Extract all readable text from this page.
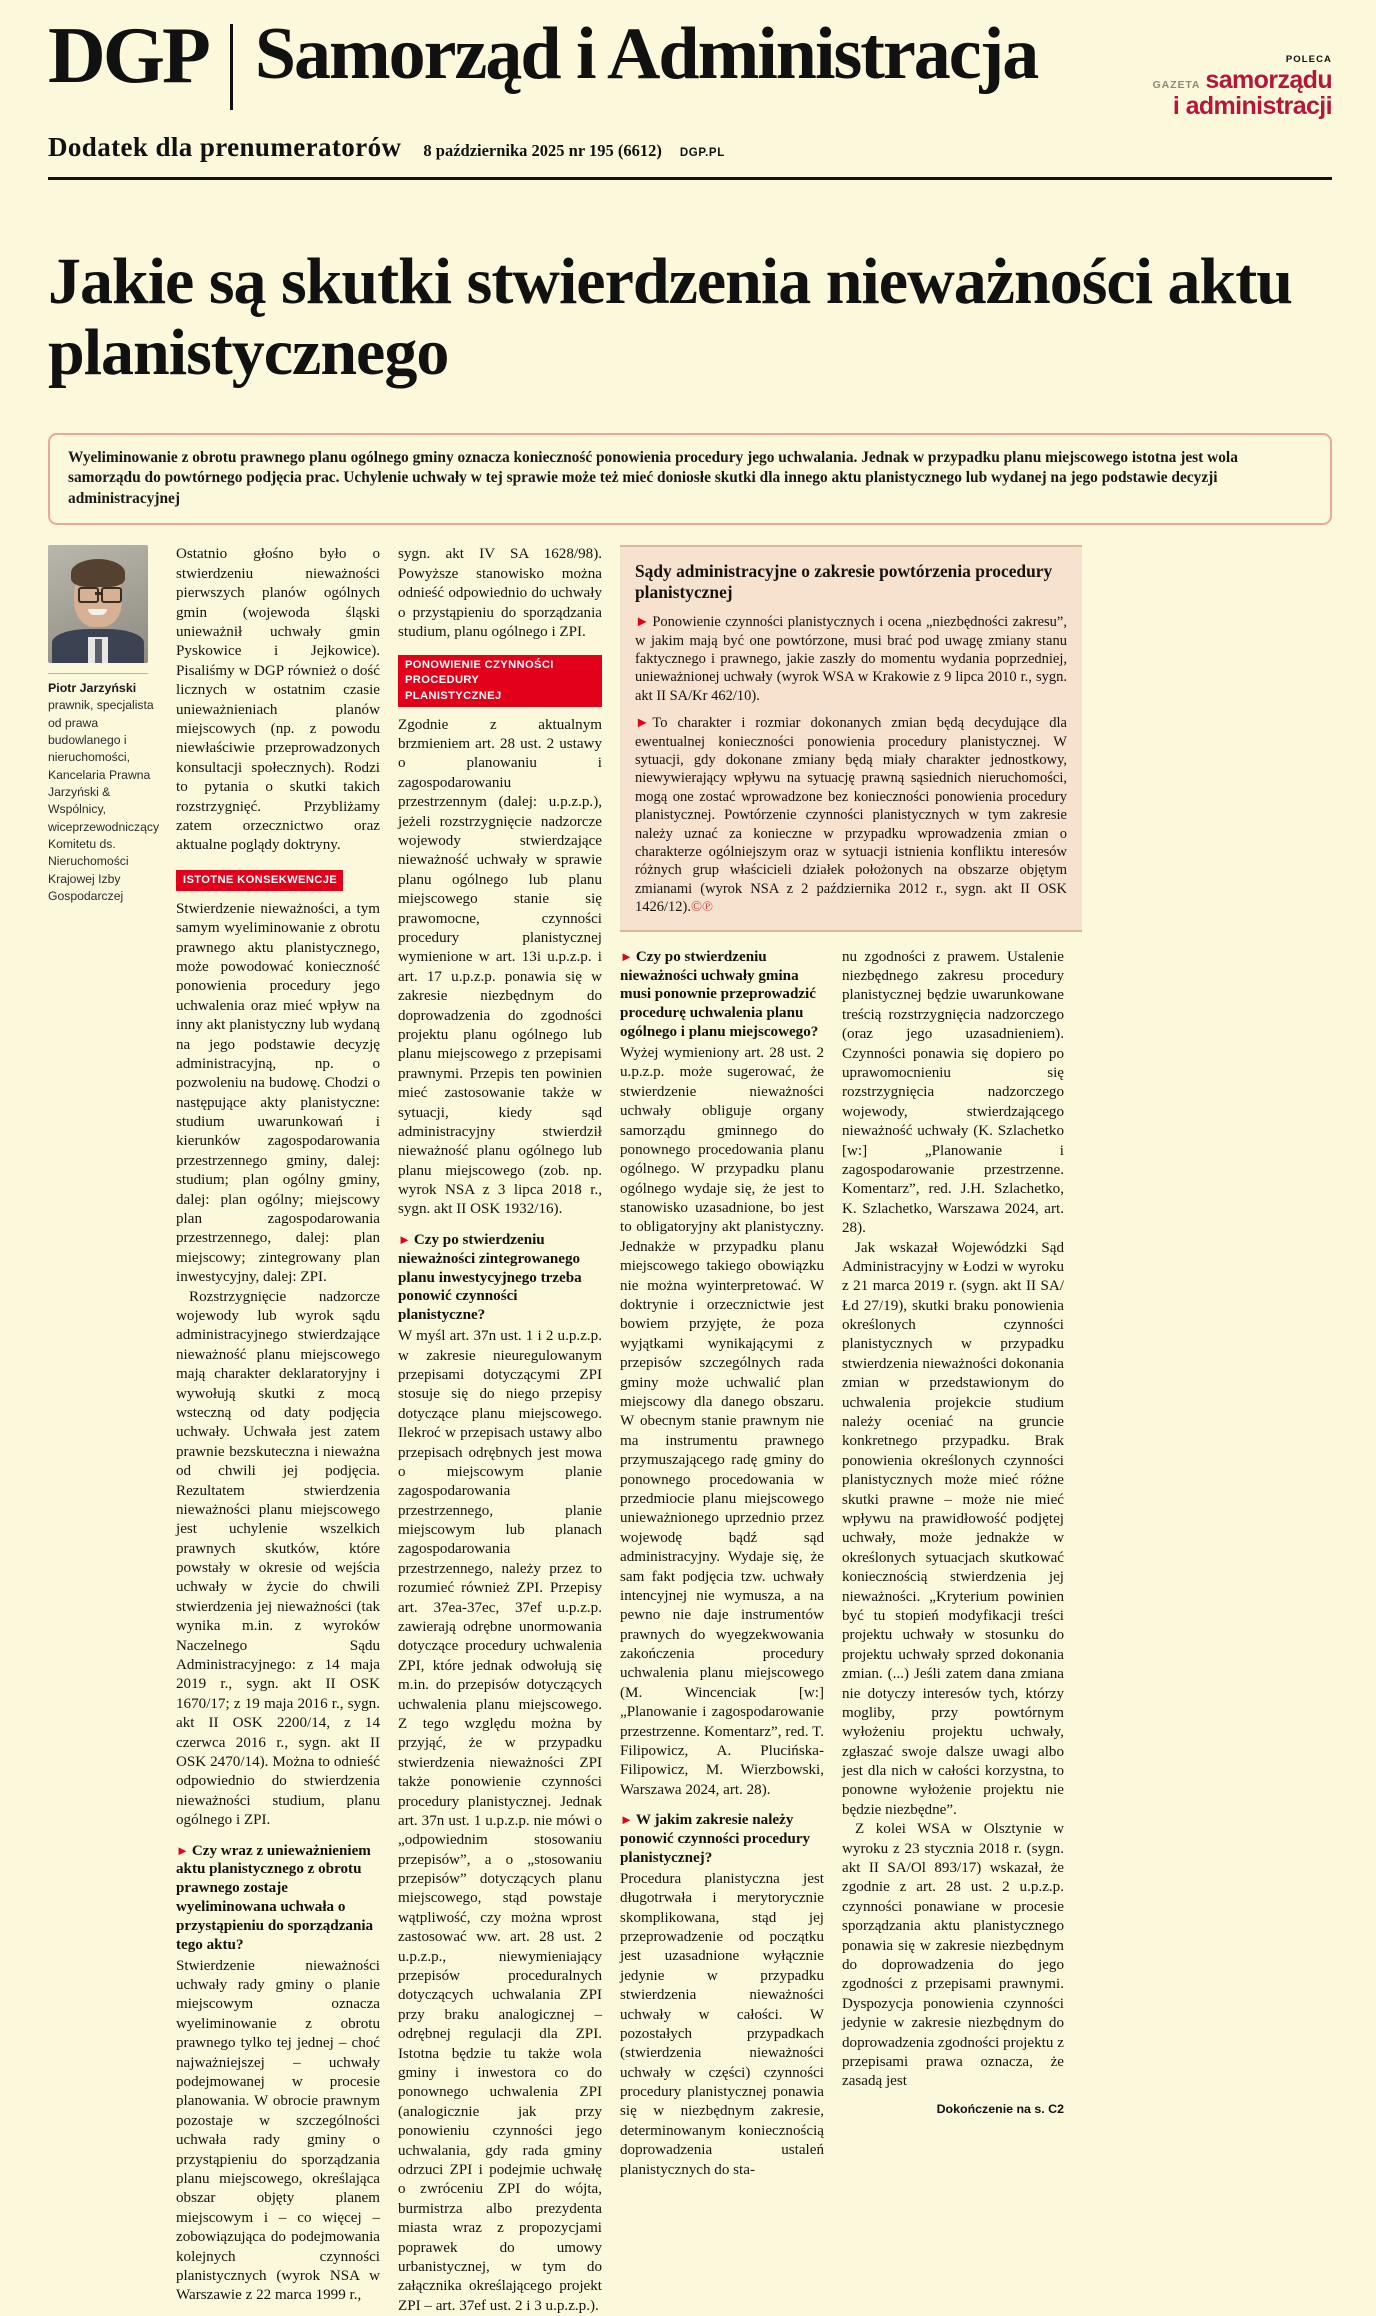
DGP Samorząd i Administracja
Dodatek dla prenumeratorów 8 października 2025 nr 195 (6612) DGP.PL
POLECA
GAZETA samorządu
i administracji
Jakie są skutki stwierdzenia nieważności aktu planistycznego
Wyeliminowanie z obrotu prawnego planu ogólnego gminy oznacza konieczność ponowienia procedury jego uchwalania. Jednak w przypadku planu miejscowego istotna jest wola samorządu do powtórnego podjęcia prac. Uchylenie uchwały w tej sprawie może też mieć doniosłe skutki dla innego aktu planistycznego lub wydanej na jego podstawie decyzji administracyjnej
Piotr Jarzyński
prawnik, specjalista od prawa budowlanego i nieruchomości, Kancelaria Prawna Jarzyński & Wspólnicy, wiceprzewodniczący Komitetu ds. Nieruchomości Krajowej Izby Gospodarczej

Ostatnio głośno było o stwierdzeniu nieważności pierwszych planów ogólnych gmin (wojewoda śląski unieważnił uchwały gmin Pyskowice i Jejkowice). Pisaliśmy w DGP również o dość licznych w ostatnim czasie unieważnieniach planów miejscowych (np. z powodu niewłaściwie przeprowadzonych konsultacji społecznych). Rodzi to pytania o skutki takich rozstrzygnięć. Przybliżamy zatem orzecznictwo oraz aktualne poglądy doktryny.

ISTOTNE KONSEKWENCJE

Stwierdzenie nieważności, a tym samym wyeliminowanie z obrotu prawnego aktu planistycznego, może powodować konieczność ponowienia procedury jego uchwalenia oraz mieć wpływ na inny akt planistyczny lub wydaną na jego podstawie decyzję administracyjną, np. o pozwoleniu na budowę. Chodzi o następujące akty planistyczne: studium uwarunkowań i kierunków zagospodarowania przestrzennego gminy, dalej: studium; plan ogólny gminy, dalej: plan ogólny; miejscowy plan zagospodarowania przestrzennego, dalej: plan miejscowy; zintegrowany plan inwestycyjny, dalej: ZPI.

Rozstrzygnięcie nadzorcze wojewody lub wyrok sądu administracyjnego stwierdzające nieważność planu miejscowego mają charakter deklaratoryjny i wywołują skutki z mocą wsteczną od daty podjęcia uchwały. Uchwała jest zatem prawnie bezskuteczna i nieważna od chwili jej podjęcia. Rezultatem stwierdzenia nieważności planu miejscowego jest uchylenie wszelkich prawnych skutków, które powstały w okresie od wejścia uchwały w życie do chwili stwierdzenia jej nieważności (tak wynika m.in. z wyroków Naczelnego Sądu Administracyjnego: z 14 maja 2019 r., sygn. akt II OSK 1670/17; z 19 maja 2016 r., sygn. akt II OSK 2200/14, z 14 czerwca 2016 r., sygn. akt II OSK 2470/14). Można to odnieść odpowiednio do stwierdzenia nieważności studium, planu ogólnego i ZPI.

► Czy wraz z unieważnieniem aktu planistycznego z obrotu prawnego zostaje wyeliminowana uchwała o przystąpieniu do sporządzania tego aktu?

Stwierdzenie nieważności uchwały rady gminy o planie miejscowym oznacza wyeliminowanie z obrotu prawnego tylko tej jednej – choć najważniejszej – uchwały podejmowanej w procesie planowania. W obrocie prawnym pozostaje w szczególności uchwała rady gminy o przystąpieniu do sporządzania planu miejscowego, określająca obszar objęty planem miejscowym i – co więcej – zobowiązująca do podejmowania kolejnych czynności planistycznych (wyrok NSA w Warszawie z 22 marca 1999 r.,

sygn. akt IV SA 1628/98). Powyższe stanowisko można odnieść odpowiednio do uchwały o przystąpieniu do sporządzania studium, planu ogólnego i ZPI.

PONOWIENIE CZYNNOŚCI PROCEDURY
PLANISTYCZNEJ

Zgodnie z aktualnym brzmieniem art. 28 ust. 2 ustawy o planowaniu i zagospodarowaniu przestrzennym (dalej: u.p.z.p.), jeżeli rozstrzygnięcie nadzorcze wojewody stwierdzające nieważność uchwały w sprawie planu ogólnego lub planu miejscowego stanie się prawomocne, czynności procedury planistycznej wymienione w art. 13i u.p.z.p. i art. 17 u.p.z.p. ponawia się w zakresie niezbędnym do doprowadzenia do zgodności projektu planu ogólnego lub planu miejscowego z przepisami prawnymi. Przepis ten powinien mieć zastosowanie także w sytuacji, kiedy sąd administracyjny stwierdził nieważność planu ogólnego lub planu miejscowego (zob. np. wyrok NSA z 3 lipca 2018 r., sygn. akt II OSK 1932/16).

► Czy po stwierdzeniu nieważności zintegrowanego planu inwestycyjnego trzeba ponowić czynności planistyczne?

W myśl art. 37n ust. 1 i 2 u.p.z.p. w zakresie nieuregulowanym przepisami dotyczącymi ZPI stosuje się do niego przepisy dotyczące planu miejscowego. Ilekroć w przepisach ustawy albo przepisach odrębnych jest mowa o miejscowym planie zagospodarowania przestrzennego, planie miejscowym lub planach zagospodarowania przestrzennego, należy przez to rozumieć również ZPI. Przepisy art. 37ea-37ec, 37ef u.p.z.p. zawierają odrębne unormowania dotyczące procedury uchwalenia ZPI, które jednak odwołują się m.in. do przepisów dotyczących uchwalenia planu miejscowego. Z tego względu można by przyjąć, że w przypadku stwierdzenia nieważności ZPI także ponowienie czynności procedury planistycznej. Jednak art. 37n ust. 1 u.p.z.p. nie mówi o „odpowiednim stosowaniu przepisów”, a o „stosowaniu przepisów” dotyczących planu miejscowego, stąd powstaje wątpliwość, czy można wprost zastosować ww. art. 28 ust. 2 u.p.z.p., niewymieniający przepisów proceduralnych dotyczących uchwalania ZPI przy braku analogicznej – odrębnej regulacji dla ZPI. Istotna będzie tu także wola gminy i inwestora co do ponownego uchwalenia ZPI (analogicznie jak przy ponowieniu czynności jego uchwalania, gdy rada gminy odrzuci ZPI i podejmie uchwałę o zwróceniu ZPI do wójta, burmistrza albo prezydenta miasta wraz z propozycjami poprawek do umowy urbanistycznej, w tym do załącznika określającego projekt ZPI – art. 37ef ust. 2 i 3 u.p.z.p.).

Sądy administracyjne o zakresie powtórzenia procedury planistycznej
► Ponowienie czynności planistycznych i ocena „niezbędności zakresu”, w jakim mają być one powtórzone, musi brać pod uwagę zmiany stanu faktycznego i prawnego, jakie zaszły do momentu wydania poprzedniej, unieważnionej uchwały (wyrok WSA w Krakowie z 9 lipca 2010 r., sygn. akt II SA/Kr 462/10).
► To charakter i rozmiar dokonanych zmian będą decydujące dla ewentualnej konieczności ponowienia procedury planistycznej. W sytuacji, gdy dokonane zmiany będą miały charakter jednostkowy, niewywierający wpływu na sytuację prawną sąsiednich nieruchomości, mogą one zostać wprowadzone bez konieczności ponowienia procedury planistycznej. Powtórzenie czynności planistycznych w tym zakresie należy uznać za konieczne w przypadku wprowadzenia zmian o charakterze ogólniejszym oraz w sytuacji istnienia konfliktu interesów różnych grup właścicieli działek położonych na obszarze objętym zmianami (wyrok NSA z 2 października 2012 r., sygn. akt II OSK 1426/12).©℗
► Czy po stwierdzeniu nieważności uchwały gmina musi ponownie przeprowadzić procedurę uchwalenia planu ogólnego i planu miejscowego?

Wyżej wymieniony art. 28 ust. 2 u.p.z.p. może sugerować, że stwierdzenie nieważności uchwały obliguje organy samorządu gminnego do ponownego procedowania planu ogólnego. W przypadku planu ogólnego wydaje się, że jest to stanowisko uzasadnione, bo jest to obligatoryjny akt planistyczny. Jednakże w przypadku planu miejscowego takiego obowiązku nie można wyinterpretować. W doktrynie i orzecznictwie jest bowiem przyjęte, że poza wyjątkami wynikającymi z przepisów szczególnych rada gminy może uchwalić plan miejscowy dla danego obszaru. W obecnym stanie prawnym nie ma instrumentu prawnego przymuszającego radę gminy do ponownego procedowania w przedmiocie planu miejscowego unieważnionego uprzednio przez wojewodę bądź sąd administracyjny. Wydaje się, że sam fakt podjęcia tzw. uchwały intencyjnej nie wymusza, a na pewno nie daje instrumentów prawnych do wyegzekwowania zakończenia procedury uchwalenia planu miejscowego (M. Wincenciak [w:] „Planowanie i zagospodarowanie przestrzenne. Komentarz”, red. T. Filipowicz, A. Plucińska-Filipowicz, M. Wierzbowski, Warszawa 2024, art. 28).

► W jakim zakresie należy ponowić czynności procedury planistycznej?

Procedura planistyczna jest długotrwała i merytorycznie skomplikowana, stąd jej przeprowadzenie od początku jest uzasadnione wyłącznie jedynie w przypadku stwierdzenia nieważności uchwały w całości. W pozostałych przypadkach (stwierdzenia nieważności uchwały w części) czynności procedury planistycznej ponawia się w niezbędnym zakresie, determinowanym koniecznością doprowadzenia ustaleń planistycznych do sta-

nu zgodności z prawem. Ustalenie niezbędnego zakresu procedury planistycznej będzie uwarunkowane treścią rozstrzygnięcia nadzorczego (oraz jego uzasadnieniem). Czynności ponawia się dopiero po uprawomocnieniu się rozstrzygnięcia nadzorczego wojewody, stwierdzającego nieważność uchwały (K. Szlachetko [w:] „Planowanie i zagospodarowanie przestrzenne. Komentarz”, red. J.H. Szlachetko, K. Szlachetko, Warszawa 2024, art. 28).

Jak wskazał Wojewódzki Sąd Administracyjny w Łodzi w wyroku z 21 marca 2019 r. (sygn. akt II SA/Łd 27/19), skutki braku ponowienia określonych czynności planistycznych w przypadku stwierdzenia nieważności dokonania zmian w przedstawionym do uchwalenia projekcie studium należy oceniać na gruncie konkretnego przypadku. Brak ponowienia określonych czynności planistycznych może mieć różne skutki prawne – może nie mieć wpływu na prawidłowość podjętej uchwały, może jednakże w określonych sytuacjach skutkować koniecznością stwierdzenia jej nieważności. „Kryterium powinien być tu stopień modyfikacji treści projektu uchwały w stosunku do projektu uchwały sprzed dokonania zmian. (...) Jeśli zatem dana zmiana nie dotyczy interesów tych, którzy mogliby, przy powtórnym wyłożeniu projektu uchwały, zgłaszać swoje dalsze uwagi albo jest dla nich w całości korzystna, to ponowne wyłożenie projektu nie będzie niezbędne”.

Z kolei WSA w Olsztynie w wyroku z 23 stycznia 2018 r. (sygn. akt II SA/Ol 893/17) wskazał, że zgodnie z art. 28 ust. 2 u.p.z.p. czynności ponawiane w procesie sporządzania aktu planistycznego ponawia się w zakresie niezbędnym do doprowadzenia do jego zgodności z przepisami prawnymi. Dyspozycja ponowienia czynności jedynie w zakresie niezbędnym do doprowadzenia zgodności projektu z przepisami prawa oznacza, że zasadą jest

Dokończenie na s. C2
